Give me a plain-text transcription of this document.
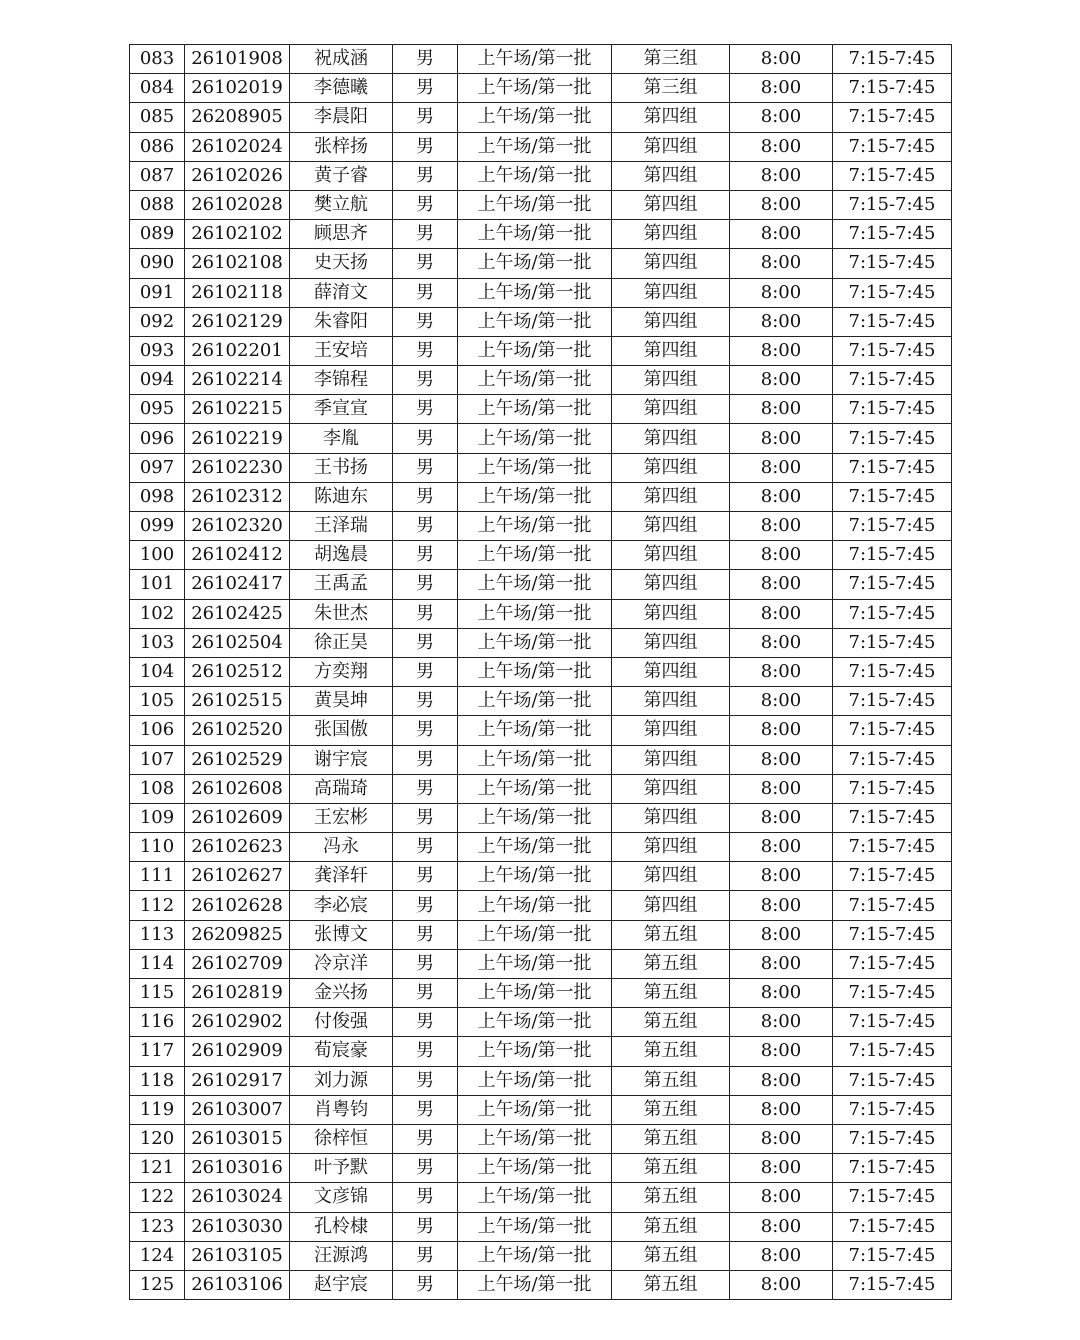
083	26101908	祝成涵	男	上午场/第一批	第三组	8:00	7:15-7:45
084	26102019	李德曦	男	上午场/第一批	第三组	8:00	7:15-7:45
085	26208905	李晨阳	男	上午场/第一批	第四组	8:00	7:15-7:45
086	26102024	张梓扬	男	上午场/第一批	第四组	8:00	7:15-7:45
087	26102026	黄子睿	男	上午场/第一批	第四组	8:00	7:15-7:45
088	26102028	樊立航	男	上午场/第一批	第四组	8:00	7:15-7:45
089	26102102	顾思齐	男	上午场/第一批	第四组	8:00	7:15-7:45
090	26102108	史天扬	男	上午场/第一批	第四组	8:00	7:15-7:45
091	26102118	薛淯文	男	上午场/第一批	第四组	8:00	7:15-7:45
092	26102129	朱睿阳	男	上午场/第一批	第四组	8:00	7:15-7:45
093	26102201	王安培	男	上午场/第一批	第四组	8:00	7:15-7:45
094	26102214	李锦程	男	上午场/第一批	第四组	8:00	7:15-7:45
095	26102215	季宣宣	男	上午场/第一批	第四组	8:00	7:15-7:45
096	26102219	李胤	男	上午场/第一批	第四组	8:00	7:15-7:45
097	26102230	王书扬	男	上午场/第一批	第四组	8:00	7:15-7:45
098	26102312	陈迪东	男	上午场/第一批	第四组	8:00	7:15-7:45
099	26102320	王泽瑞	男	上午场/第一批	第四组	8:00	7:15-7:45
100	26102412	胡逸晨	男	上午场/第一批	第四组	8:00	7:15-7:45
101	26102417	王禹孟	男	上午场/第一批	第四组	8:00	7:15-7:45
102	26102425	朱世杰	男	上午场/第一批	第四组	8:00	7:15-7:45
103	26102504	徐正昊	男	上午场/第一批	第四组	8:00	7:15-7:45
104	26102512	方奕翔	男	上午场/第一批	第四组	8:00	7:15-7:45
105	26102515	黄昊坤	男	上午场/第一批	第四组	8:00	7:15-7:45
106	26102520	张国傲	男	上午场/第一批	第四组	8:00	7:15-7:45
107	26102529	谢宇宸	男	上午场/第一批	第四组	8:00	7:15-7:45
108	26102608	高瑞琦	男	上午场/第一批	第四组	8:00	7:15-7:45
109	26102609	王宏彬	男	上午场/第一批	第四组	8:00	7:15-7:45
110	26102623	冯永	男	上午场/第一批	第四组	8:00	7:15-7:45
111	26102627	龚泽轩	男	上午场/第一批	第四组	8:00	7:15-7:45
112	26102628	李必宸	男	上午场/第一批	第四组	8:00	7:15-7:45
113	26209825	张博文	男	上午场/第一批	第五组	8:00	7:15-7:45
114	26102709	冷京洋	男	上午场/第一批	第五组	8:00	7:15-7:45
115	26102819	金兴扬	男	上午场/第一批	第五组	8:00	7:15-7:45
116	26102902	付俊强	男	上午场/第一批	第五组	8:00	7:15-7:45
117	26102909	荀宸豪	男	上午场/第一批	第五组	8:00	7:15-7:45
118	26102917	刘力源	男	上午场/第一批	第五组	8:00	7:15-7:45
119	26103007	肖粤钧	男	上午场/第一批	第五组	8:00	7:15-7:45
120	26103015	徐梓恒	男	上午场/第一批	第五组	8:00	7:15-7:45
121	26103016	叶予默	男	上午场/第一批	第五组	8:00	7:15-7:45
122	26103024	文彦锦	男	上午场/第一批	第五组	8:00	7:15-7:45
123	26103030	孔柃棣	男	上午场/第一批	第五组	8:00	7:15-7:45
124	26103105	汪源鸿	男	上午场/第一批	第五组	8:00	7:15-7:45
125	26103106	赵宇宸	男	上午场/第一批	第五组	8:00	7:15-7:45
